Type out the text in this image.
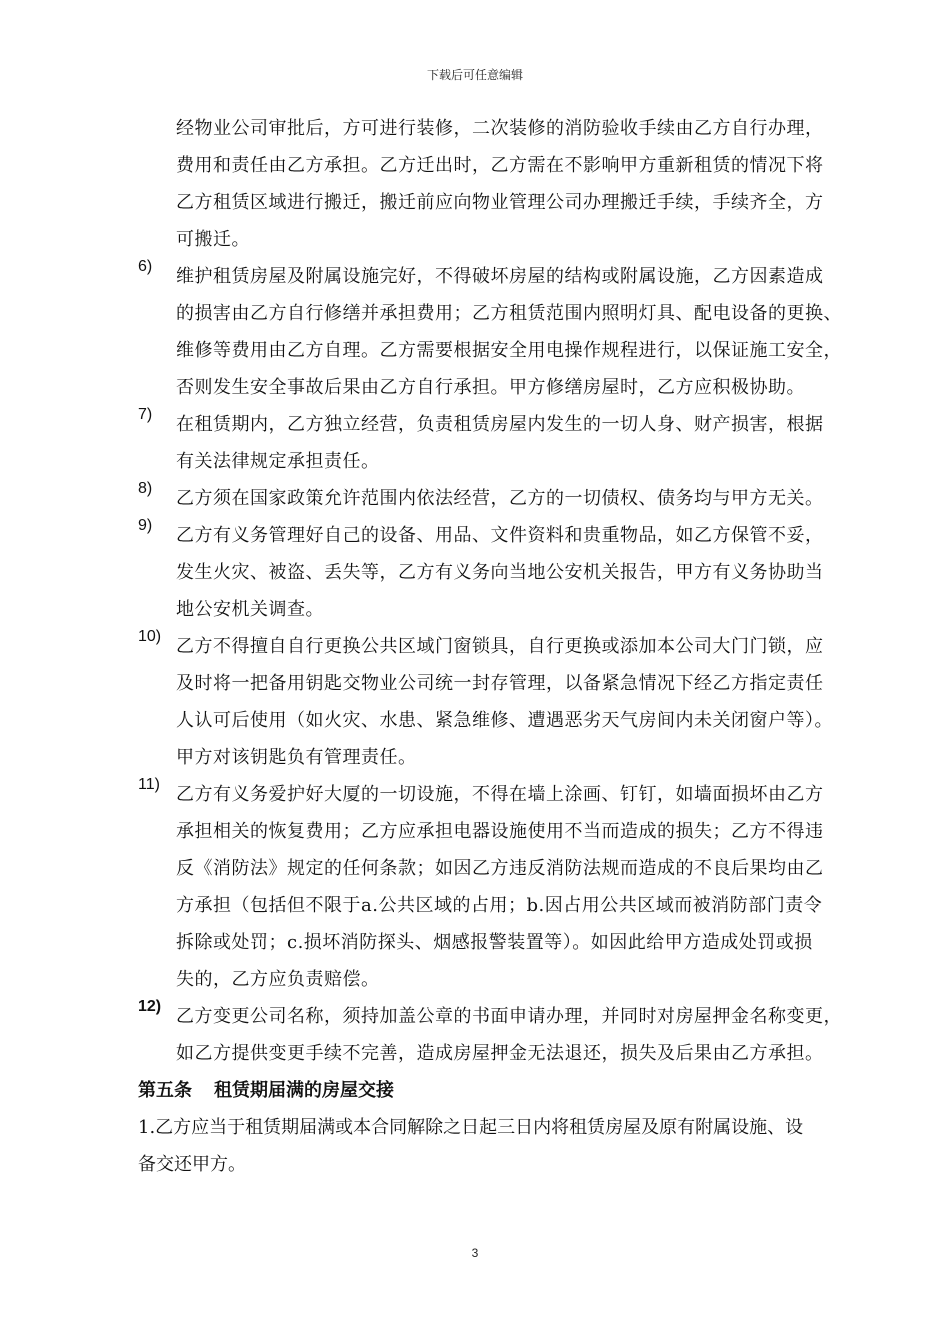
下载后可任意编辑
经物业公司审批后，方可进行装修，二次装修的消防验收手续由乙方自行办理，
费用和责任由乙方承担。乙方迁出时，乙方需在不影响甲方重新租赁的情况下将
乙方租赁区域进行搬迁，搬迁前应向物业管理公司办理搬迁手续，手续齐全，方
可搬迁。
6)	维护租赁房屋及附属设施完好，不得破坏房屋的结构或附属设施，乙方因素造成
的损害由乙方自行修缮并承担费用；乙方租赁范围内照明灯具、配电设备的更换、
维修等费用由乙方自理。乙方需要根据安全用电操作规程进行，以保证施工安全，
否则发生安全事故后果由乙方自行承担。甲方修缮房屋时，乙方应积极协助。
7)	在租赁期内，乙方独立经营，负责租赁房屋内发生的一切人身、财产损害，根据
有关法律规定承担责任。
8)	乙方须在国家政策允许范围内依法经营，乙方的一切债权、债务均与甲方无关。
9)	乙方有义务管理好自己的设备、用品、文件资料和贵重物品，如乙方保管不妥，
发生火灾、被盗、丢失等，乙方有义务向当地公安机关报告，甲方有义务协助当
地公安机关调查。
10) 乙方不得擅自自行更换公共区域门窗锁具，自行更换或添加本公司大门门锁，应
及时将一把备用钥匙交物业公司统一封存管理，以备紧急情况下经乙方指定责任
人认可后使用（如火灾、水患、紧急维修、遭遇恶劣天气房间内未关闭窗户等）。
甲方对该钥匙负有管理责任。
11) 乙方有义务爱护好大厦的一切设施，不得在墙上涂画、钉钉，如墙面损坏由乙方
承担相关的恢复费用；乙方应承担电器设施使用不当而造成的损失；乙方不得违
反《消防法》规定的任何条款；如因乙方违反消防法规而造成的不良后果均由乙
方承担（包括但不限于a.公共区域的占用；b.因占用公共区域而被消防部门责令
拆除或处罚；c.损坏消防探头、烟感报警装置等）。如因此给甲方造成处罚或损
失的，乙方应负责赔偿。
12) 乙方变更公司名称，须持加盖公章的书面申请办理，并同时对房屋押金名称变更，
如乙方提供变更手续不完善，造成房屋押金无法退还，损失及后果由乙方承担。
第五条 租赁期届满的房屋交接
1.乙方应当于租赁期届满或本合同解除之日起三日内将租赁房屋及原有附属设施、设
备交还甲方。
3
